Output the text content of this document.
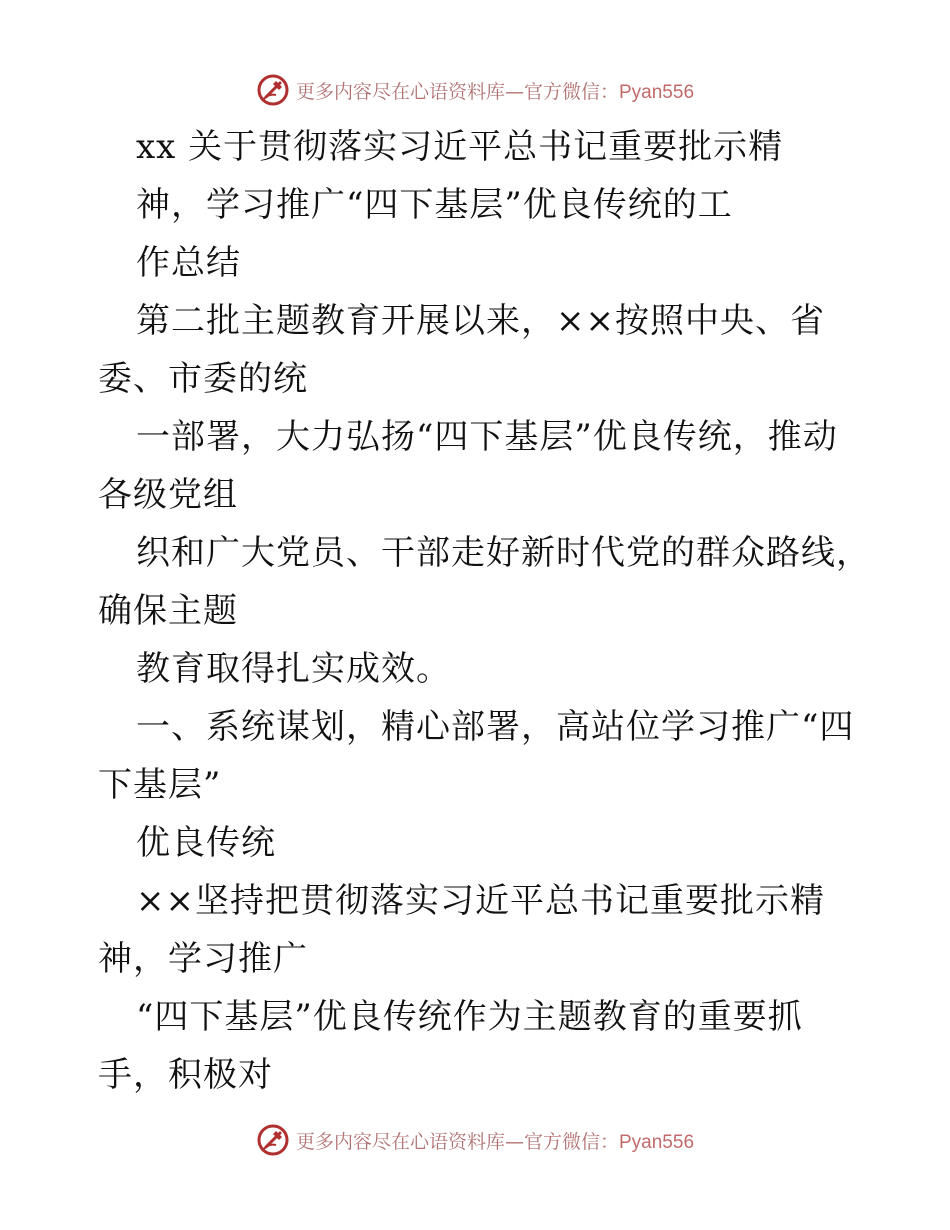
更多内容尽在心语资料库—官方微信：Pyan556
xx 关于贯彻落实习近平总书记重要批示精
神，学习推广“四下基层”优良传统的工
作总结
第二批主题教育开展以来，××按照中央、省
委、市委的统
一部署，大力弘扬“四下基层”优良传统，推动
各级党组
织和广大党员、干部走好新时代党的群众路线，
确保主题
教育取得扎实成效。
一、系统谋划，精心部署，高站位学习推广“四
下基层”
优良传统
××坚持把贯彻落实习近平总书记重要批示精
神，学习推广
“四下基层”优良传统作为主题教育的重要抓
手，积极对
更多内容尽在心语资料库—官方微信：Pyan556
